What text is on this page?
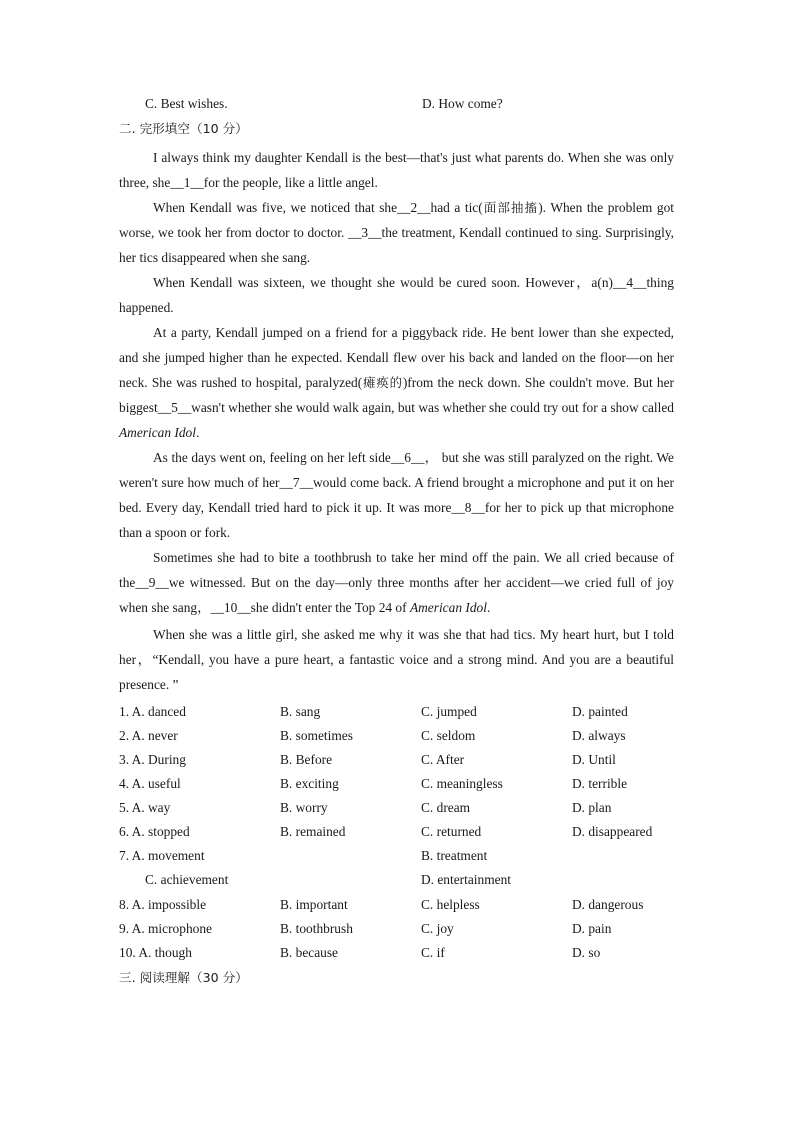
C. Best wishes.	D. How come?
二. 完形填空（10 分）
I always think my daughter Kendall is the best—that's just what parents do. When she was only three, she__1__for the people, like a little angel.
When Kendall was five, we noticed that she__2__had a tic(面部抽搐). When the problem got worse, we took her from doctor to doctor. __3__the treatment, Kendall continued to sing. Surprisingly, her tics disappeared when she sang.
When Kendall was sixteen, we thought she would be cured soon. However，a(n)__4__thing happened.
At a party, Kendall jumped on a friend for a piggyback ride. He bent lower than she expected, and she jumped higher than he expected. Kendall flew over his back and landed on the floor—on her neck. She was rushed to hospital, paralyzed(瘫痪的)from the neck down. She couldn't move. But her biggest__5__wasn't whether she would walk again, but was whether she could try out for a show called American Idol.
As the days went on, feeling on her left side__6__， but she was still paralyzed on the right. We weren't sure how much of her__7__would come back. A friend brought a microphone and put it on her bed. Every day, Kendall tried hard to pick it up. It was more__8__for her to pick up that microphone than a spoon or fork.
Sometimes she had to bite a toothbrush to take her mind off the pain. We all cried because of the__9__we witnessed. But on the day—only three months after her accident—we cried full of joy when she sang，__10__she didn't enter the Top 24 of American Idol.
When she was a little girl, she asked me why it was she that had tics. My heart hurt, but I told her，“Kendall, you have a pure heart, a fantastic voice and a strong mind. And you are a beautiful presence. ”
1. A. danced	B. sang	C. jumped	D. painted
2. A. never	B. sometimes	C. seldom	D. always
3. A. During	B. Before	C. After	D. Until
4. A. useful	B. exciting	C. meaningless	D. terrible
5. A. way	B. worry	C. dream	D. plan
6. A. stopped	B. remained	C. returned	D. disappeared
7. A. movement	B. treatment
C. achievement	D. entertainment
8. A. impossible	B. important	C. helpless	D. dangerous
9. A. microphone	B. toothbrush	C. joy	D. pain
10. A. though	B. because	C. if	D. so
三. 阅读理解（30 分）
